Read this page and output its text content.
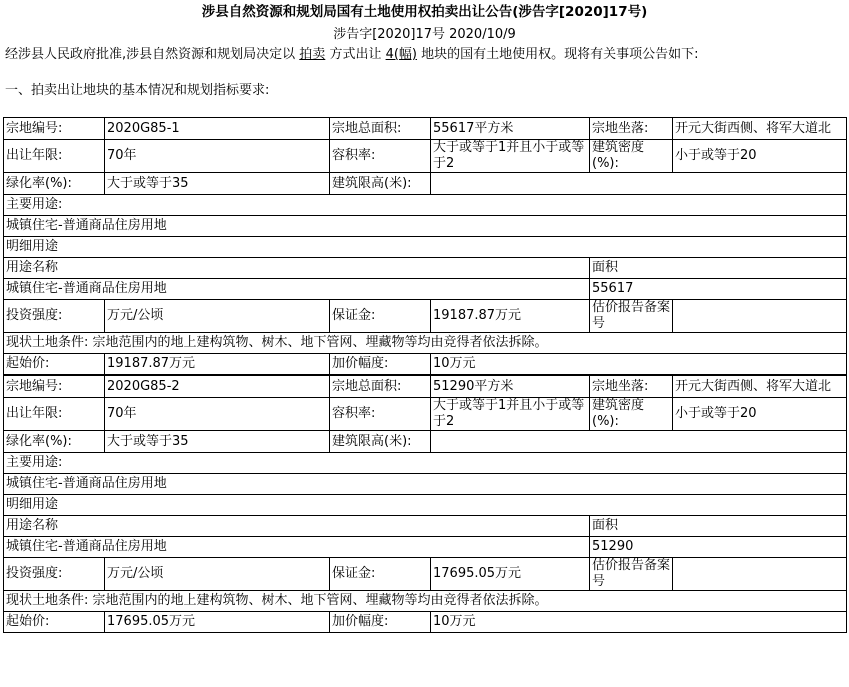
涉县自然资源和规划局国有土地使用权拍卖出让公告(涉告字[2020]17号)
涉告字[2020]17号 2020/10/9
经涉县人民政府批准,涉县自然资源和规划局决定以 拍卖 方式出让 4(幅) 地块的国有土地使用权。现将有关事项公告如下:
一、拍卖出让地块的基本情况和规划指标要求:
宗地编号:	2020G85-1	宗地总面积:	55617平方米	宗地坐落:	开元大街西侧、将军大道北
出让年限:	70年	容积率:	大于或等于1并且小于或等于2	建筑密度(%):	小于或等于20
绿化率(%):	大于或等于35	建筑限高(米):			
主要用途:					
城镇住宅-普通商品住房用地					
明细用途					
用途名称				面积	
城镇住宅-普通商品住房用地				55617	
投资强度:	万元/公顷	保证金:	19187.87万元	估价报告备案号	
现状土地条件: 宗地范围内的地上建构筑物、树木、地下管网、埋藏物等均由竞得者依法拆除。					
起始价:	19187.87万元	加价幅度:	10万元		
宗地编号:	2020G85-2	宗地总面积:	51290平方米	宗地坐落:	开元大街西侧、将军大道北
出让年限:	70年	容积率:	大于或等于1并且小于或等于2	建筑密度(%):	小于或等于20
绿化率(%):	大于或等于35	建筑限高(米):			
主要用途:					
城镇住宅-普通商品住房用地					
明细用途					
用途名称				面积	
城镇住宅-普通商品住房用地				51290	
投资强度:	万元/公顷	保证金:	17695.05万元	估价报告备案号	
现状土地条件: 宗地范围内的地上建构筑物、树木、地下管网、埋藏物等均由竞得者依法拆除。					
起始价:	17695.05万元	加价幅度:	10万元		
